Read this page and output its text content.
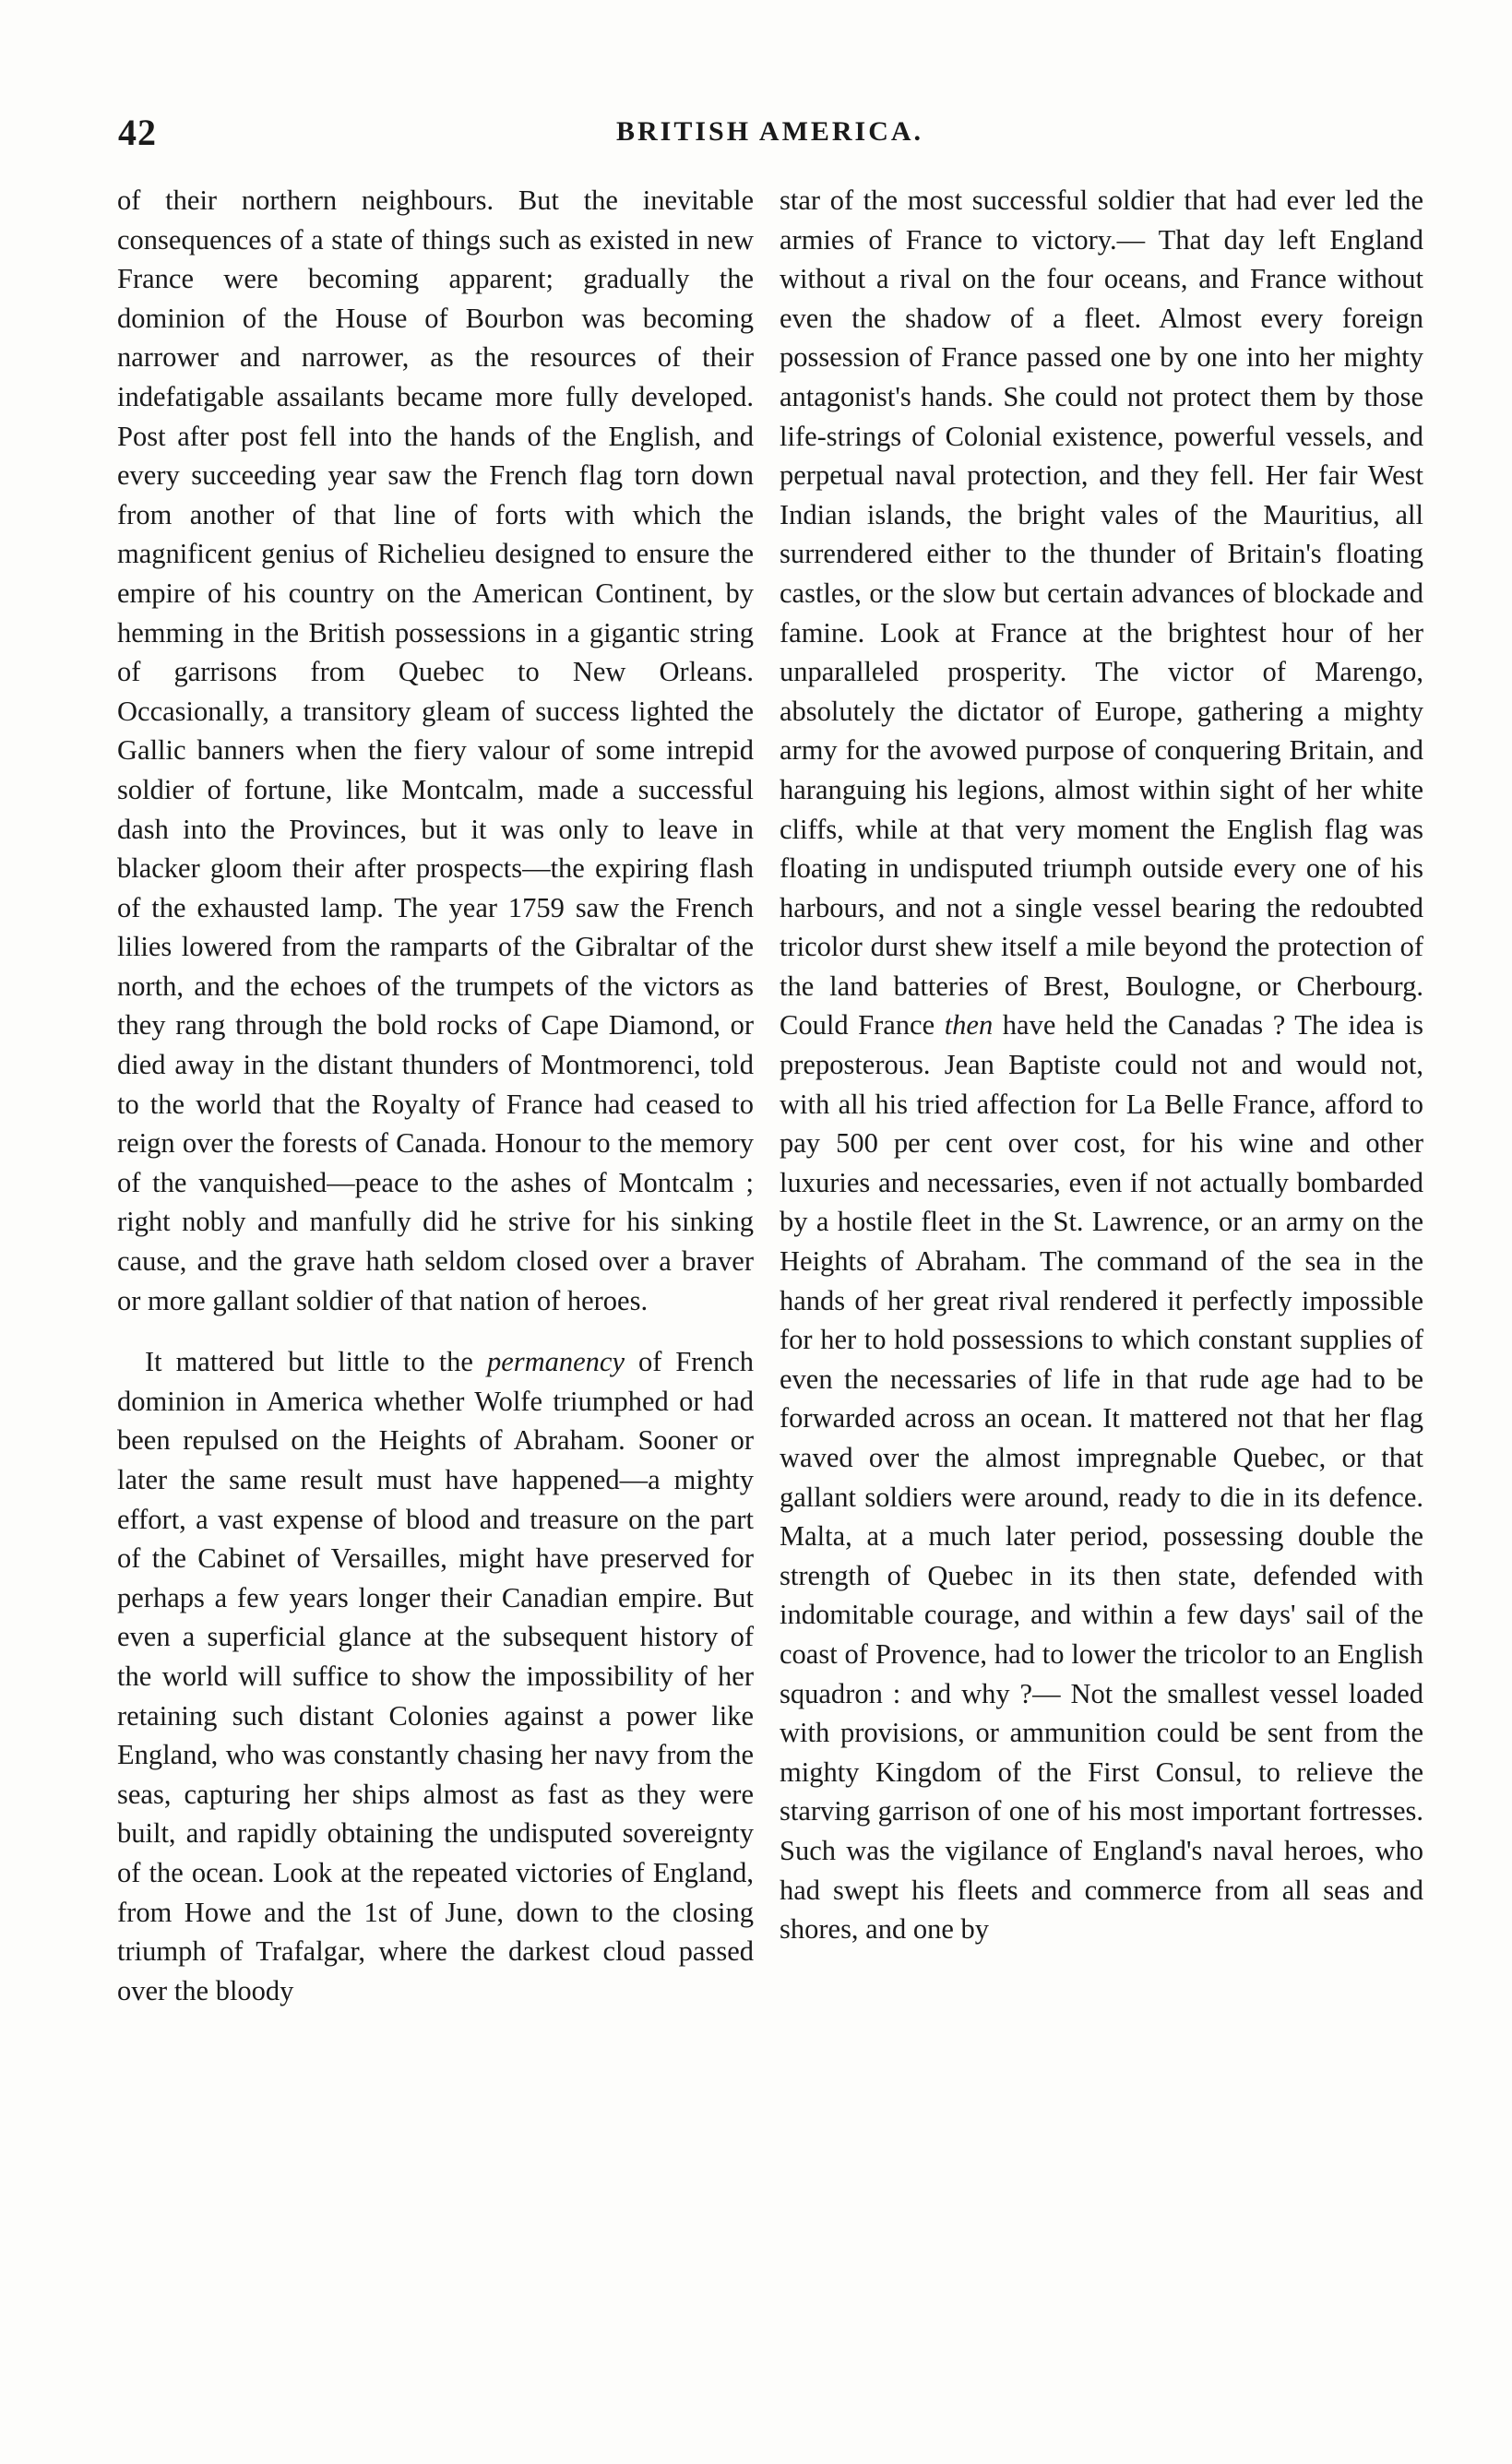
42	BRITISH AMERICA.

of their northern neighbours. But the inevitable consequences of a state of things such as existed in new France were becoming apparent; gradually the dominion of the House of Bourbon was becoming narrower and narrower, as the resources of their indefatigable assailants became more fully developed. Post after post fell into the hands of the English, and every succeeding year saw the French flag torn down from another of that line of forts with which the magnificent genius of Richelieu designed to ensure the empire of his country on the American Continent, by hemming in the British possessions in a gigantic string of garrisons from Quebec to New Orleans. Occasionally, a transitory gleam of success lighted the Gallic banners when the fiery valour of some intrepid soldier of fortune, like Montcalm, made a successful dash into the Provinces, but it was only to leave in blacker gloom their after prospects—the expiring flash of the exhausted lamp. The year 1759 saw the French lilies lowered from the ramparts of the Gibraltar of the north, and the echoes of the trumpets of the victors as they rang through the bold rocks of Cape Diamond, or died away in the distant thunders of Montmorenci, told to the world that the Royalty of France had ceased to reign over the forests of Canada. Honour to the memory of the vanquished—peace to the ashes of Montcalm ; right nobly and manfully did he strive for his sinking cause, and the grave hath seldom closed over a braver or more gallant soldier of that nation of heroes.

It mattered but little to the permanency of French dominion in America whether Wolfe triumphed or had been repulsed on the Heights of Abraham. Sooner or later the same result must have happened—a mighty effort, a vast expense of blood and treasure on the part of the Cabinet of Versailles, might have preserved for perhaps a few years longer their Canadian empire. But even a superficial glance at the subsequent history of the world will suffice to show the impossibility of her retaining such distant Colonies against a power like England, who was constantly chasing her navy from the seas, capturing her ships almost as fast as they were built, and rapidly obtaining the undisputed sovereignty of the ocean. Look at the repeated victories of England, from Howe and the 1st of June, down to the closing triumph of Trafalgar, where the darkest cloud passed over the bloody

star of the most successful soldier that had ever led the armies of France to victory.— That day left England without a rival on the four oceans, and France without even the shadow of a fleet. Almost every foreign possession of France passed one by one into her mighty antagonist's hands. She could not protect them by those life-strings of Colonial existence, powerful vessels, and perpetual naval protection, and they fell. Her fair West Indian islands, the bright vales of the Mauritius, all surrendered either to the thunder of Britain's floating castles, or the slow but certain advances of blockade and famine. Look at France at the brightest hour of her unparalleled prosperity. The victor of Marengo, absolutely the dictator of Europe, gathering a mighty army for the avowed purpose of conquering Britain, and haranguing his legions, almost within sight of her white cliffs, while at that very moment the English flag was floating in undisputed triumph outside every one of his harbours, and not a single vessel bearing the redoubted tricolor durst shew itself a mile beyond the protection of the land batteries of Brest, Boulogne, or Cherbourg. Could France then have held the Canadas ? The idea is preposterous. Jean Baptiste could not and would not, with all his tried affection for La Belle France, afford to pay 500 per cent over cost, for his wine and other luxuries and necessaries, even if not actually bombarded by a hostile fleet in the St. Lawrence, or an army on the Heights of Abraham. The command of the sea in the hands of her great rival rendered it perfectly impossible for her to hold possessions to which constant supplies of even the necessaries of life in that rude age had to be forwarded across an ocean. It mattered not that her flag waved over the almost impregnable Quebec, or that gallant soldiers were around, ready to die in its defence. Malta, at a much later period, possessing double the strength of Quebec in its then state, defended with indomitable courage, and within a few days' sail of the coast of Provence, had to lower the tricolor to an English squadron : and why ?— Not the smallest vessel loaded with provisions, or ammunition could be sent from the mighty Kingdom of the First Consul, to relieve the starving garrison of one of his most important fortresses. Such was the vigilance of England's naval heroes, who had swept his fleets and commerce from all seas and shores, and one by
